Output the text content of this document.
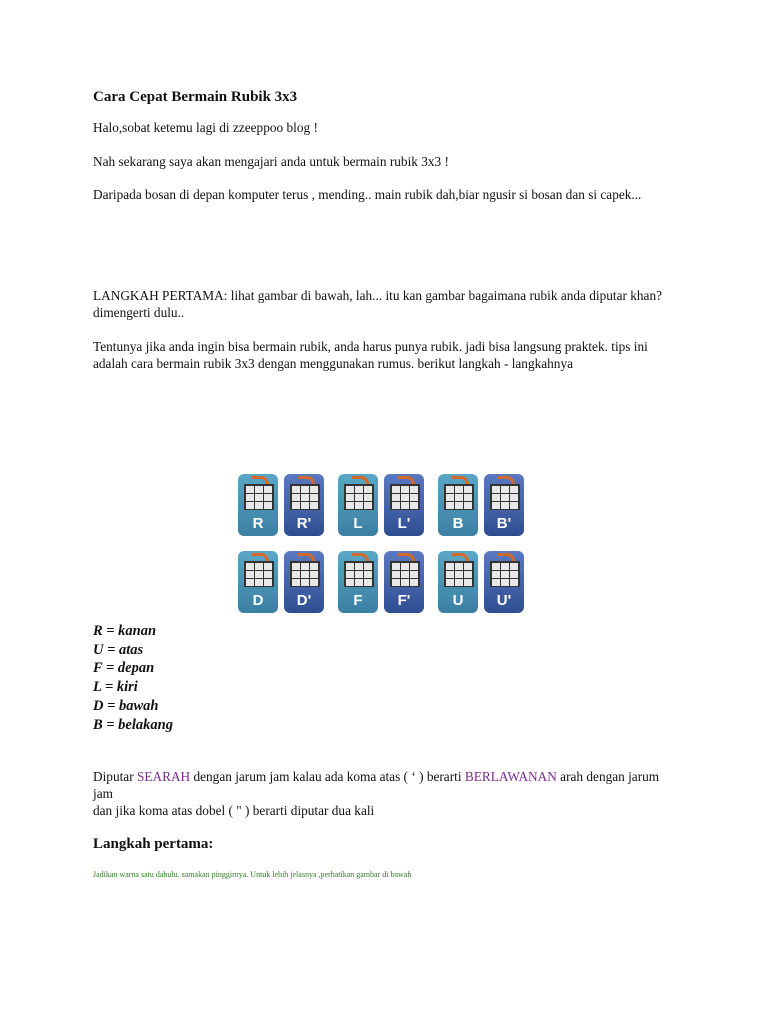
Cara Cepat Bermain Rubik 3x3
Halo,sobat ketemu lagi di zzeeppoo blog !
Nah sekarang saya akan mengajari anda untuk bermain rubik 3x3 !
Daripada bosan di depan komputer terus , mending.. main rubik dah,biar ngusir si bosan dan si capek...
LANGKAH PERTAMA: lihat gambar di bawah, lah... itu kan gambar bagaimana rubik anda diputar khan? dimengerti dulu..
Tentunya jika anda ingin bisa bermain rubik, anda harus punya rubik. jadi bisa langsung praktek. tips ini adalah cara bermain rubik 3x3 dengan menggunakan rumus. berikut langkah - langkahnya
R	R'	L	L'	B	B'
D	D'	F	F'	U	U'
R = kanan
U = atas
F = depan
L = kiri
D = bawah
B = belakang
Diputar SEARAH dengan jarum jam kalau ada koma atas ( ‘ ) berarti BERLAWANAN arah dengan jarum jam
dan jika koma atas dobel ( " ) berarti diputar dua kali
Langkah pertama:
Jadikan warna satu dahulu. samakan pinggirnya. Untuk lebih jelasnya ,perhatikan gambar di bawah
